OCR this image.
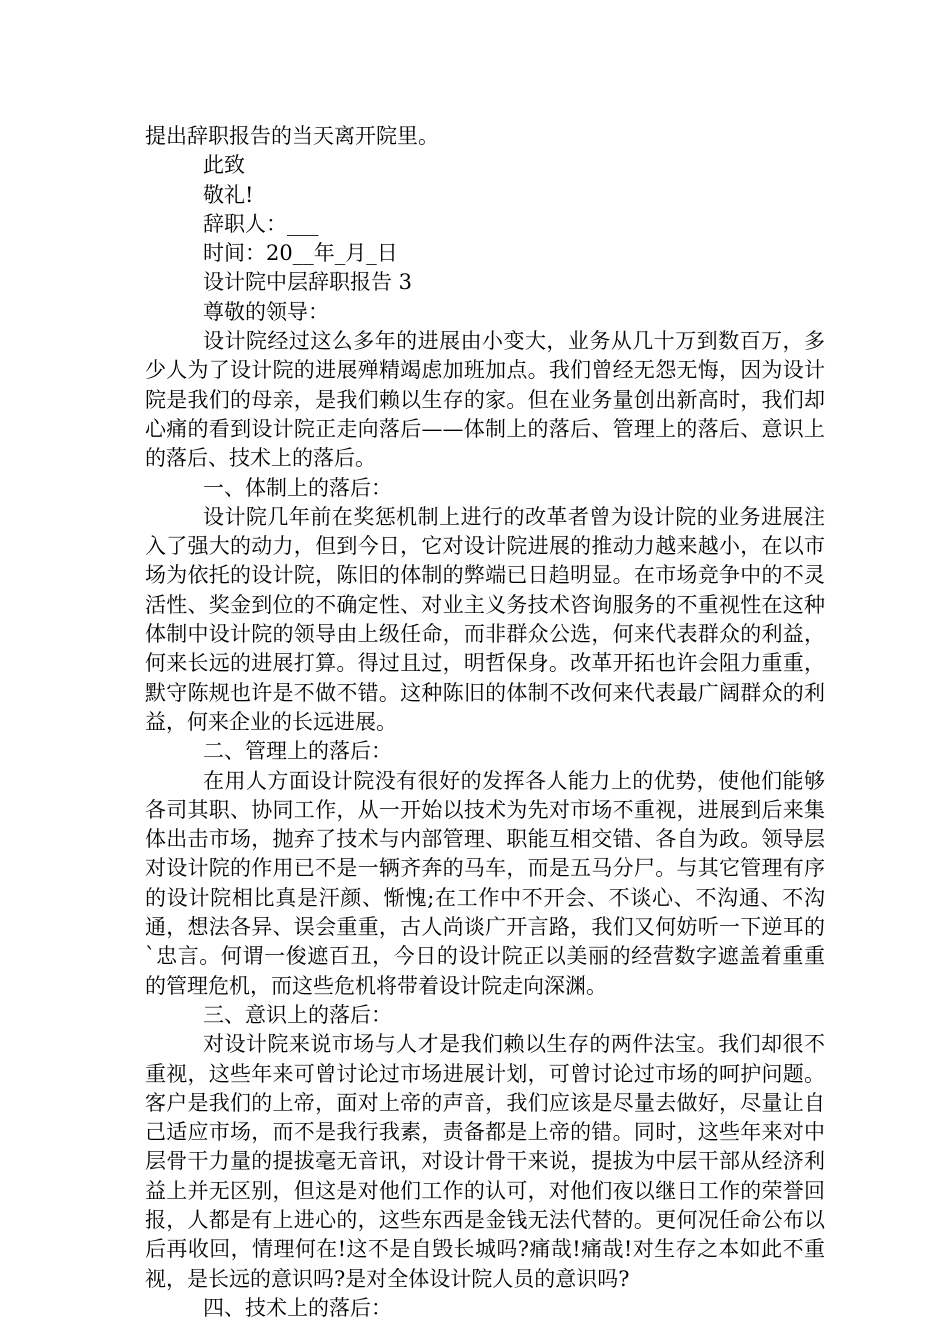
提出辞职报告的当天离开院里。

此致

敬礼!

辞职人：___

时间：20__年_月_日

设计院中层辞职报告 3

尊敬的领导：

设计院经过这么多年的进展由小变大，业务从几十万到数百万，多少人为了设计院的进展殚精竭虑加班加点。我们曾经无怨无悔，因为设计院是我们的母亲，是我们赖以生存的家。但在业务量创出新高时，我们却心痛的看到设计院正走向落后——体制上的落后、管理上的落后、意识上的落后、技术上的落后。

一、体制上的落后：

设计院几年前在奖惩机制上进行的改革者曾为设计院的业务进展注入了强大的动力，但到今日，它对设计院进展的推动力越来越小，在以市场为依托的设计院，陈旧的体制的弊端已日趋明显。在市场竞争中的不灵活性、奖金到位的不确定性、对业主义务技术咨询服务的不重视性在这种体制中设计院的领导由上级任命，而非群众公选，何来代表群众的利益，何来长远的进展打算。得过且过，明哲保身。改革开拓也许会阻力重重，默守陈规也许是不做不错。这种陈旧的体制不改何来代表最广阔群众的利益，何来企业的长远进展。

二、管理上的落后：

在用人方面设计院没有很好的发挥各人能力上的优势，使他们能够各司其职、协同工作，从一开始以技术为先对市场不重视，进展到后来集体出击市场，抛弃了技术与内部管理、职能互相交错、各自为政。领导层对设计院的作用已不是一辆齐奔的马车，而是五马分尸。与其它管理有序的设计院相比真是汗颜、惭愧;在工作中不开会、不谈心、不沟通、不沟通，想法各异、误会重重，古人尚谈广开言路，我们又何妨听一下逆耳的`忠言。何谓一俊遮百丑，今日的设计院正以美丽的经营数字遮盖着重重的管理危机，而这些危机将带着设计院走向深渊。

三、意识上的落后：

对设计院来说市场与人才是我们赖以生存的两件法宝。我们却很不重视，这些年来可曾讨论过市场进展计划，可曾讨论过市场的呵护问题。客户是我们的上帝，面对上帝的声音，我们应该是尽量去做好，尽量让自己适应市场，而不是我行我素，责备都是上帝的错。同时，这些年来对中层骨干力量的提拔毫无音讯，对设计骨干来说，提拔为中层干部从经济利益上并无区别，但这是对他们工作的认可，对他们夜以继日工作的荣誉回报，人都是有上进心的，这些东西是金钱无法代替的。更何况任命公布以后再收回，情理何在!这不是自毁长城吗?痛哉!痛哉!对生存之本如此不重视，是长远的意识吗?是对全体设计院人员的意识吗?

四、技术上的落后：
